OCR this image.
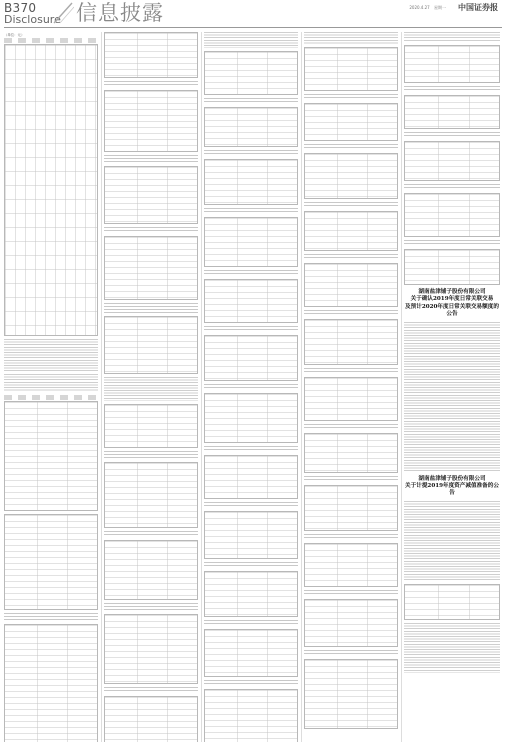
B370
Disclosure 信息披露	2020.4.27 星期一 中国证券报
（单位：元）
湖南盐津铺子股份有限公司
关于确认2019年度日常关联交易
及预计2020年度日常关联交易额度的公告
湖南盐津铺子股份有限公司
关于计提2019年度资产减值准备的公告
